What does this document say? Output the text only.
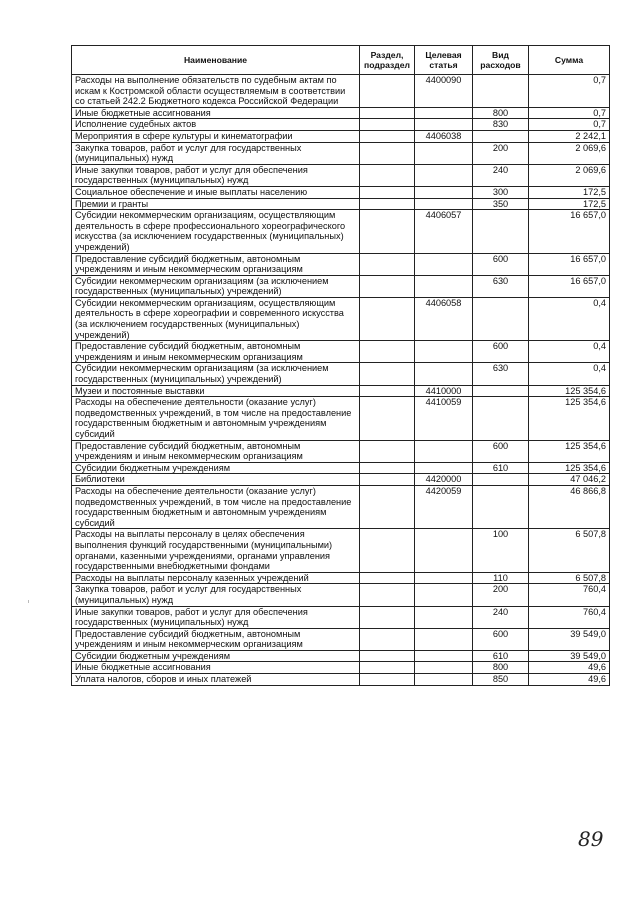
Наименование	Раздел, подраздел	Целевая статья	Вид расходов	Сумма
Расходы на выполнение обязательств по судебным актам по искам к Костромской области осуществляемым в соответствии со статьей 242.2 Бюджетного кодекса Российской Федерации		4400090		0,7
Иные бюджетные ассигнования			800	0,7
Исполнение судебных актов			830	0,7
Мероприятия в сфере культуры и кинематографии		4406038		2 242,1
Закупка товаров, работ и услуг для государственных (муниципальных) нужд			200	2 069,6
Иные закупки товаров, работ и услуг для обеспечения государственных (муниципальных) нужд			240	2 069,6
Социальное обеспечение и иные выплаты населению			300	172,5
Премии и гранты			350	172,5
Субсидии некоммерческим организациям, осуществляющим деятельность в сфере профессионального хореографического искусства (за исключением государственных (муниципальных) учреждений)		4406057		16 657,0
Предоставление субсидий бюджетным, автономным учреждениям и иным некоммерческим организациям			600	16 657,0
Субсидии некоммерческим организациям (за исключением государственных (муниципальных) учреждений)			630	16 657,0
Субсидии некоммерческим организациям, осуществляющим деятельность в сфере хореографии и современного искусства (за исключением государственных (муниципальных) учреждений)		4406058		0,4
Предоставление субсидий бюджетным, автономным учреждениям и иным некоммерческим организациям			600	0,4
Субсидии некоммерческим организациям (за исключением государственных (муниципальных) учреждений)			630	0,4
Музеи и постоянные выставки		4410000		125 354,6
Расходы на обеспечение деятельности (оказание услуг) подведомственных учреждений, в том числе на предоставление государственным бюджетным и автономным учреждениям субсидий		4410059		125 354,6
Предоставление субсидий бюджетным, автономным учреждениям и иным некоммерческим организациям			600	125 354,6
Субсидии бюджетным учреждениям			610	125 354,6
Библиотеки		4420000		47 046,2
Расходы на обеспечение деятельности (оказание услуг) подведомственных учреждений, в том числе на предоставление государственным бюджетным и автономным учреждениям субсидий		4420059		46 866,8
Расходы на выплаты персоналу в целях обеспечения выполнения функций государственными (муниципальными) органами, казенными учреждениями, органами управления государственными внебюджетными фондами			100	6 507,8
Расходы на выплаты персоналу казенных учреждений			110	6 507,8
Закупка товаров, работ и услуг для государственных (муниципальных) нужд			200	760,4
Иные закупки товаров, работ и услуг для обеспечения государственных (муниципальных) нужд			240	760,4
Предоставление субсидий бюджетным, автономным учреждениям и иным некоммерческим организациям			600	39 549,0
Субсидии бюджетным учреждениям			610	39 549,0
Иные бюджетные ассигнования			800	49,6
Уплата налогов, сборов и иных платежей			850	49,6
89
